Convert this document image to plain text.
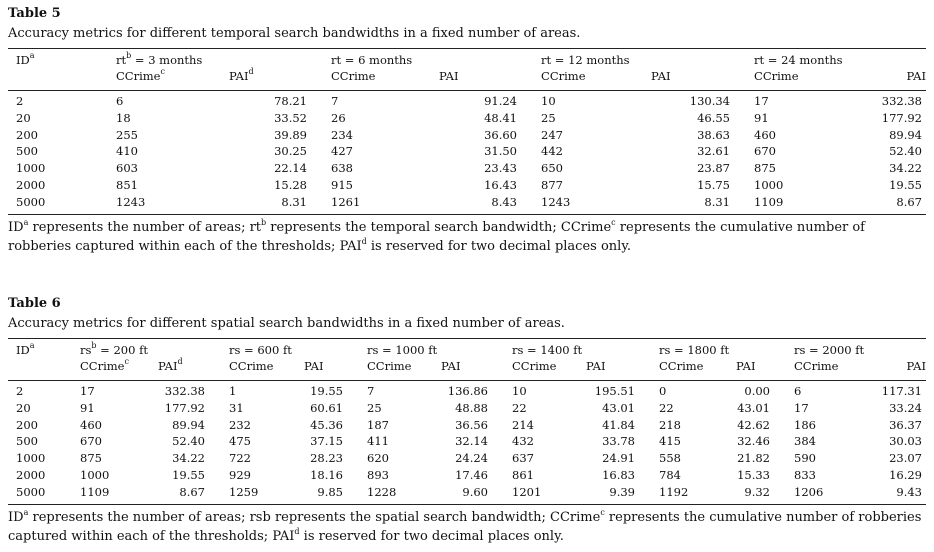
Table 5
Accuracy metrics for different temporal search bandwidths in a fixed number of areas.
$ID^a$	$rt^b = 3$ months		rt = 6 months		rt = 12 months		rt = 24 months	
	CCrime$^c$	PAI$^d$	CCrime	PAI	CCrime	PAI	CCrime	PAI
2	6	78.21	7	91.24	10	130.34	17	332.38
20	18	33.52	26	48.41	25	46.55	91	177.92
200	255	39.89	234	36.60	247	38.63	460	89.94
500	410	30.25	427	31.50	442	32.61	670	52.40
1000	603	22.14	638	23.43	650	23.87	875	34.22
2000	851	15.28	915	16.43	877	15.75	1000	19.55
5000	1243	8.31	1261	8.43	1243	8.31	1109	8.67
$ID^a$ represents the number of areas; $rt^b$ represents the temporal search bandwidth; CCrime$^c$ represents the cumulative number of robberies captured within each of the thresholds; PAI$^d$ is reserved for two decimal places only.
Table 6
Accuracy metrics for different spatial search bandwidths in a fixed number of areas.
$ID^a$	$rs^b = 200$ ft		rs = 600 ft		rs = 1000 ft		rs = 1400 ft		rs = 1800 ft		rs = 2000 ft	
	CCrime$^c$	PAI$^d$	CCrime	PAI	CCrime	PAI	CCrime	PAI	CCrime	PAI	CCrime	PAI
2	17	332.38	1	19.55	7	136.86	10	195.51	0	0.00	6	117.31
20	91	177.92	31	60.61	25	48.88	22	43.01	22	43.01	17	33.24
200	460	89.94	232	45.36	187	36.56	214	41.84	218	42.62	186	36.37
500	670	52.40	475	37.15	411	32.14	432	33.78	415	32.46	384	30.03
1000	875	34.22	722	28.23	620	24.24	637	24.91	558	21.82	590	23.07
2000	1000	19.55	929	18.16	893	17.46	861	16.83	784	15.33	833	16.29
5000	1109	8.67	1259	9.85	1228	9.60	1201	9.39	1192	9.32	1206	9.43
$ID^a$ represents the number of areas; rsb represents the spatial search bandwidth; CCrime$^c$ represents the cumulative number of robberies captured within each of the thresholds; PAI$^d$ is reserved for two decimal places only.
